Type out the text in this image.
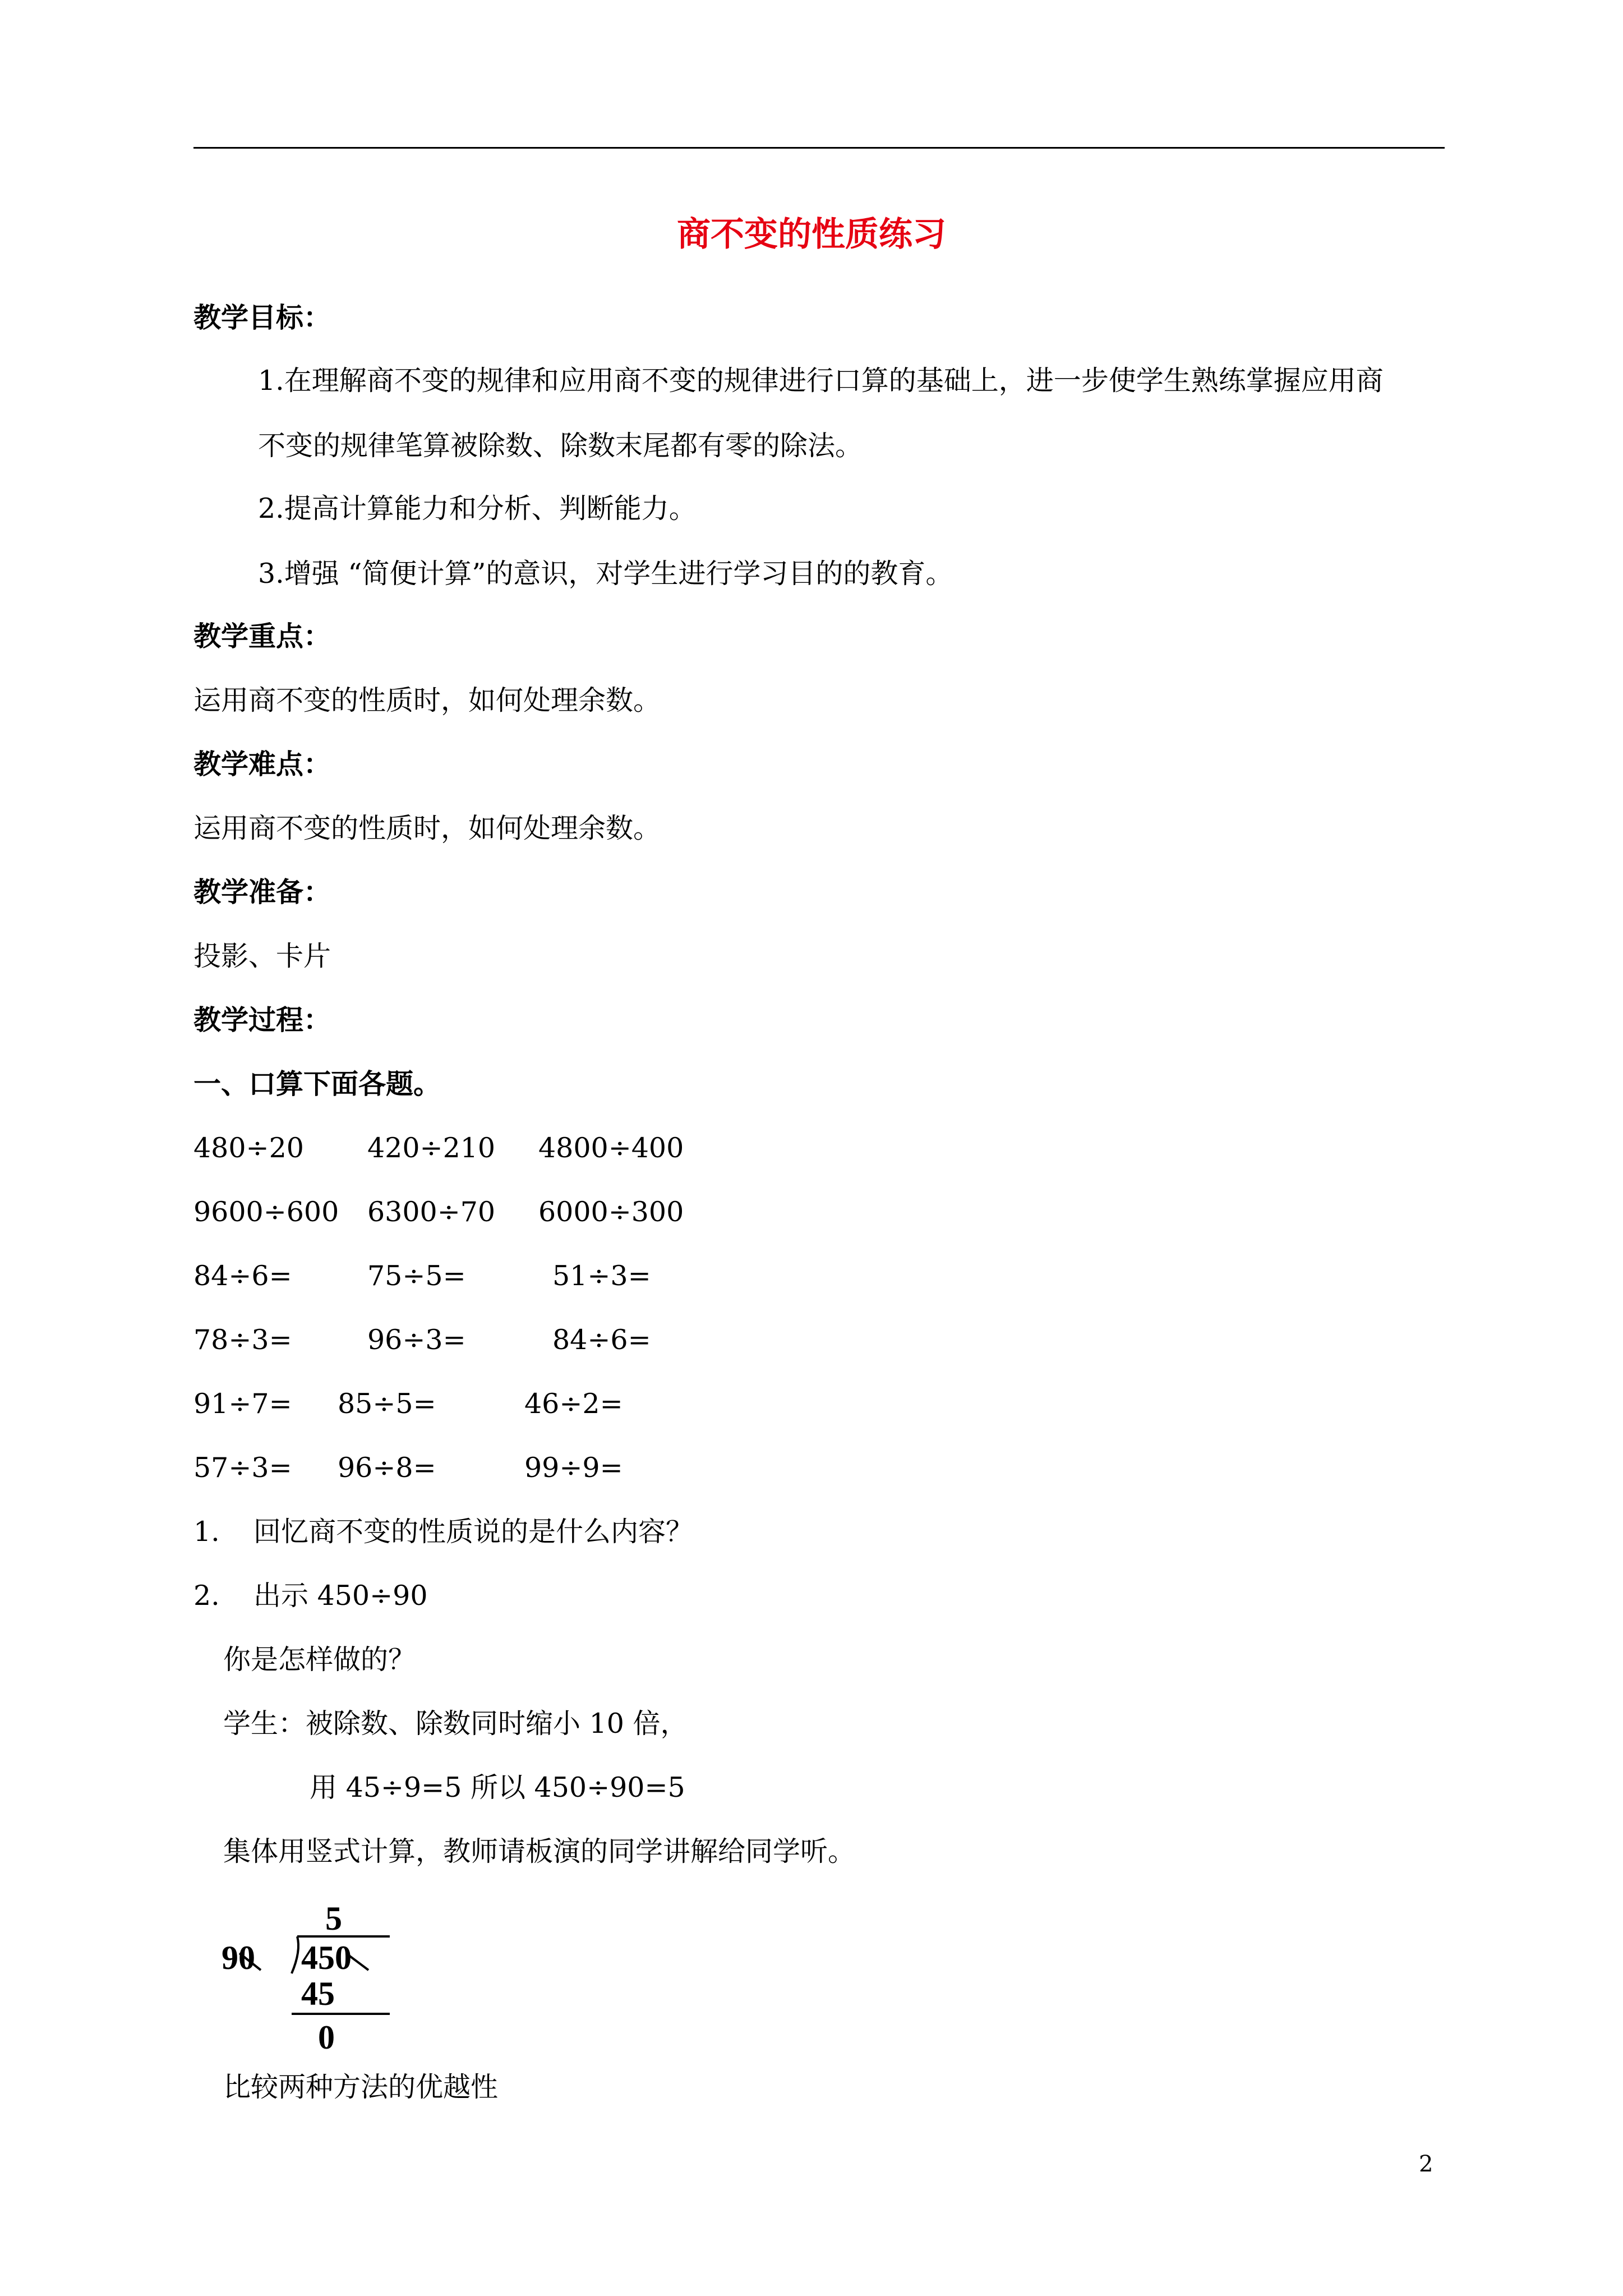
商不变的性质练习
教学目标：
1.在理解商不变的规律和应用商不变的规律进行口算的基础上，进一步使学生熟练掌握应用商
不变的规律笔算被除数、除数末尾都有零的除法。
2.提高计算能力和分析、判断能力。
3.增强 “简便计算”的意识，对学生进行学习目的的教育。
教学重点：
运用商不变的性质时，如何处理余数。
教学难点：
运用商不变的性质时，如何处理余数。
教学准备：
投影、卡片
教学过程：
一、口算下面各题。
480÷20 420÷210 4800÷400
9600÷600 6300÷70 6000÷300
84÷6=	75÷5=	51÷3=
78÷3=	96÷3=	84÷6=
91÷7= 85÷5=	46÷2=
57÷3= 96÷8=	99÷9=
1. 回忆商不变的性质说的是什么内容？
2. 出示 450÷90
你是怎样做的？
学生：被除数、除数同时缩小 10 倍，
用 45÷9=5 所以 450÷90=5
集体用竖式计算，教师请板演的同学讲解给同学听。
5
90 450
45
0
比较两种方法的优越性
2
